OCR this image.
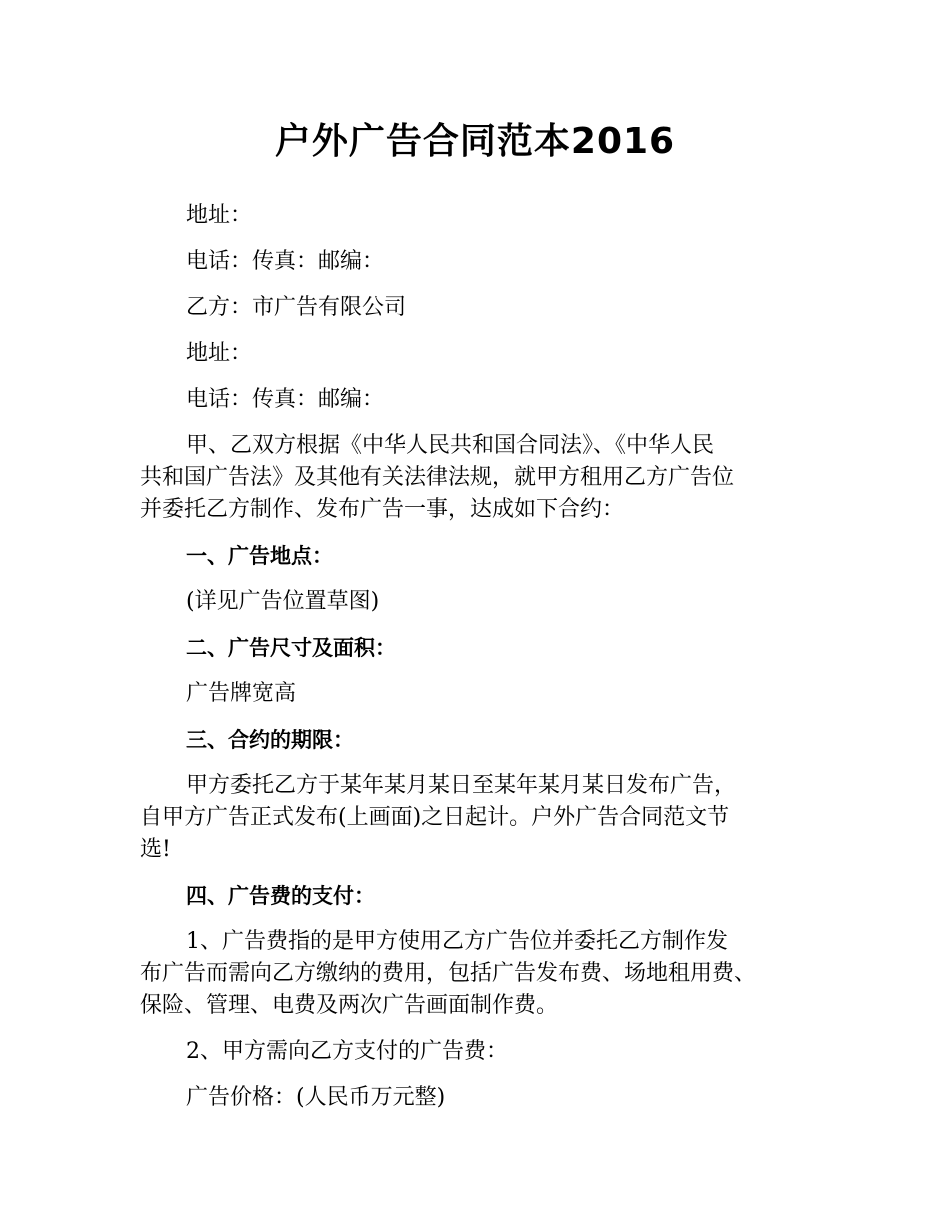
户外广告合同范本2016

地址：

电话：传真：邮编：

乙方：市广告有限公司

地址：

电话：传真：邮编：

甲、乙双方根据《中华人民共和国合同法》、《中华人民

共和国广告法》及其他有关法律法规，就甲方租用乙方广告位

并委托乙方制作、发布广告一事，达成如下合约：

一、广告地点：

(详见广告位置草图)

二、广告尺寸及面积：

广告牌宽高

三、合约的期限：

甲方委托乙方于某年某月某日至某年某月某日发布广告，

自甲方广告正式发布(上画面)之日起计。户外广告合同范文节

选!

四、广告费的支付：

1、广告费指的是甲方使用乙方广告位并委托乙方制作发

布广告而需向乙方缴纳的费用，包括广告发布费、场地租用费、

保险、管理、电费及两次广告画面制作费。

2、甲方需向乙方支付的广告费：

广告价格：(人民币万元整)
